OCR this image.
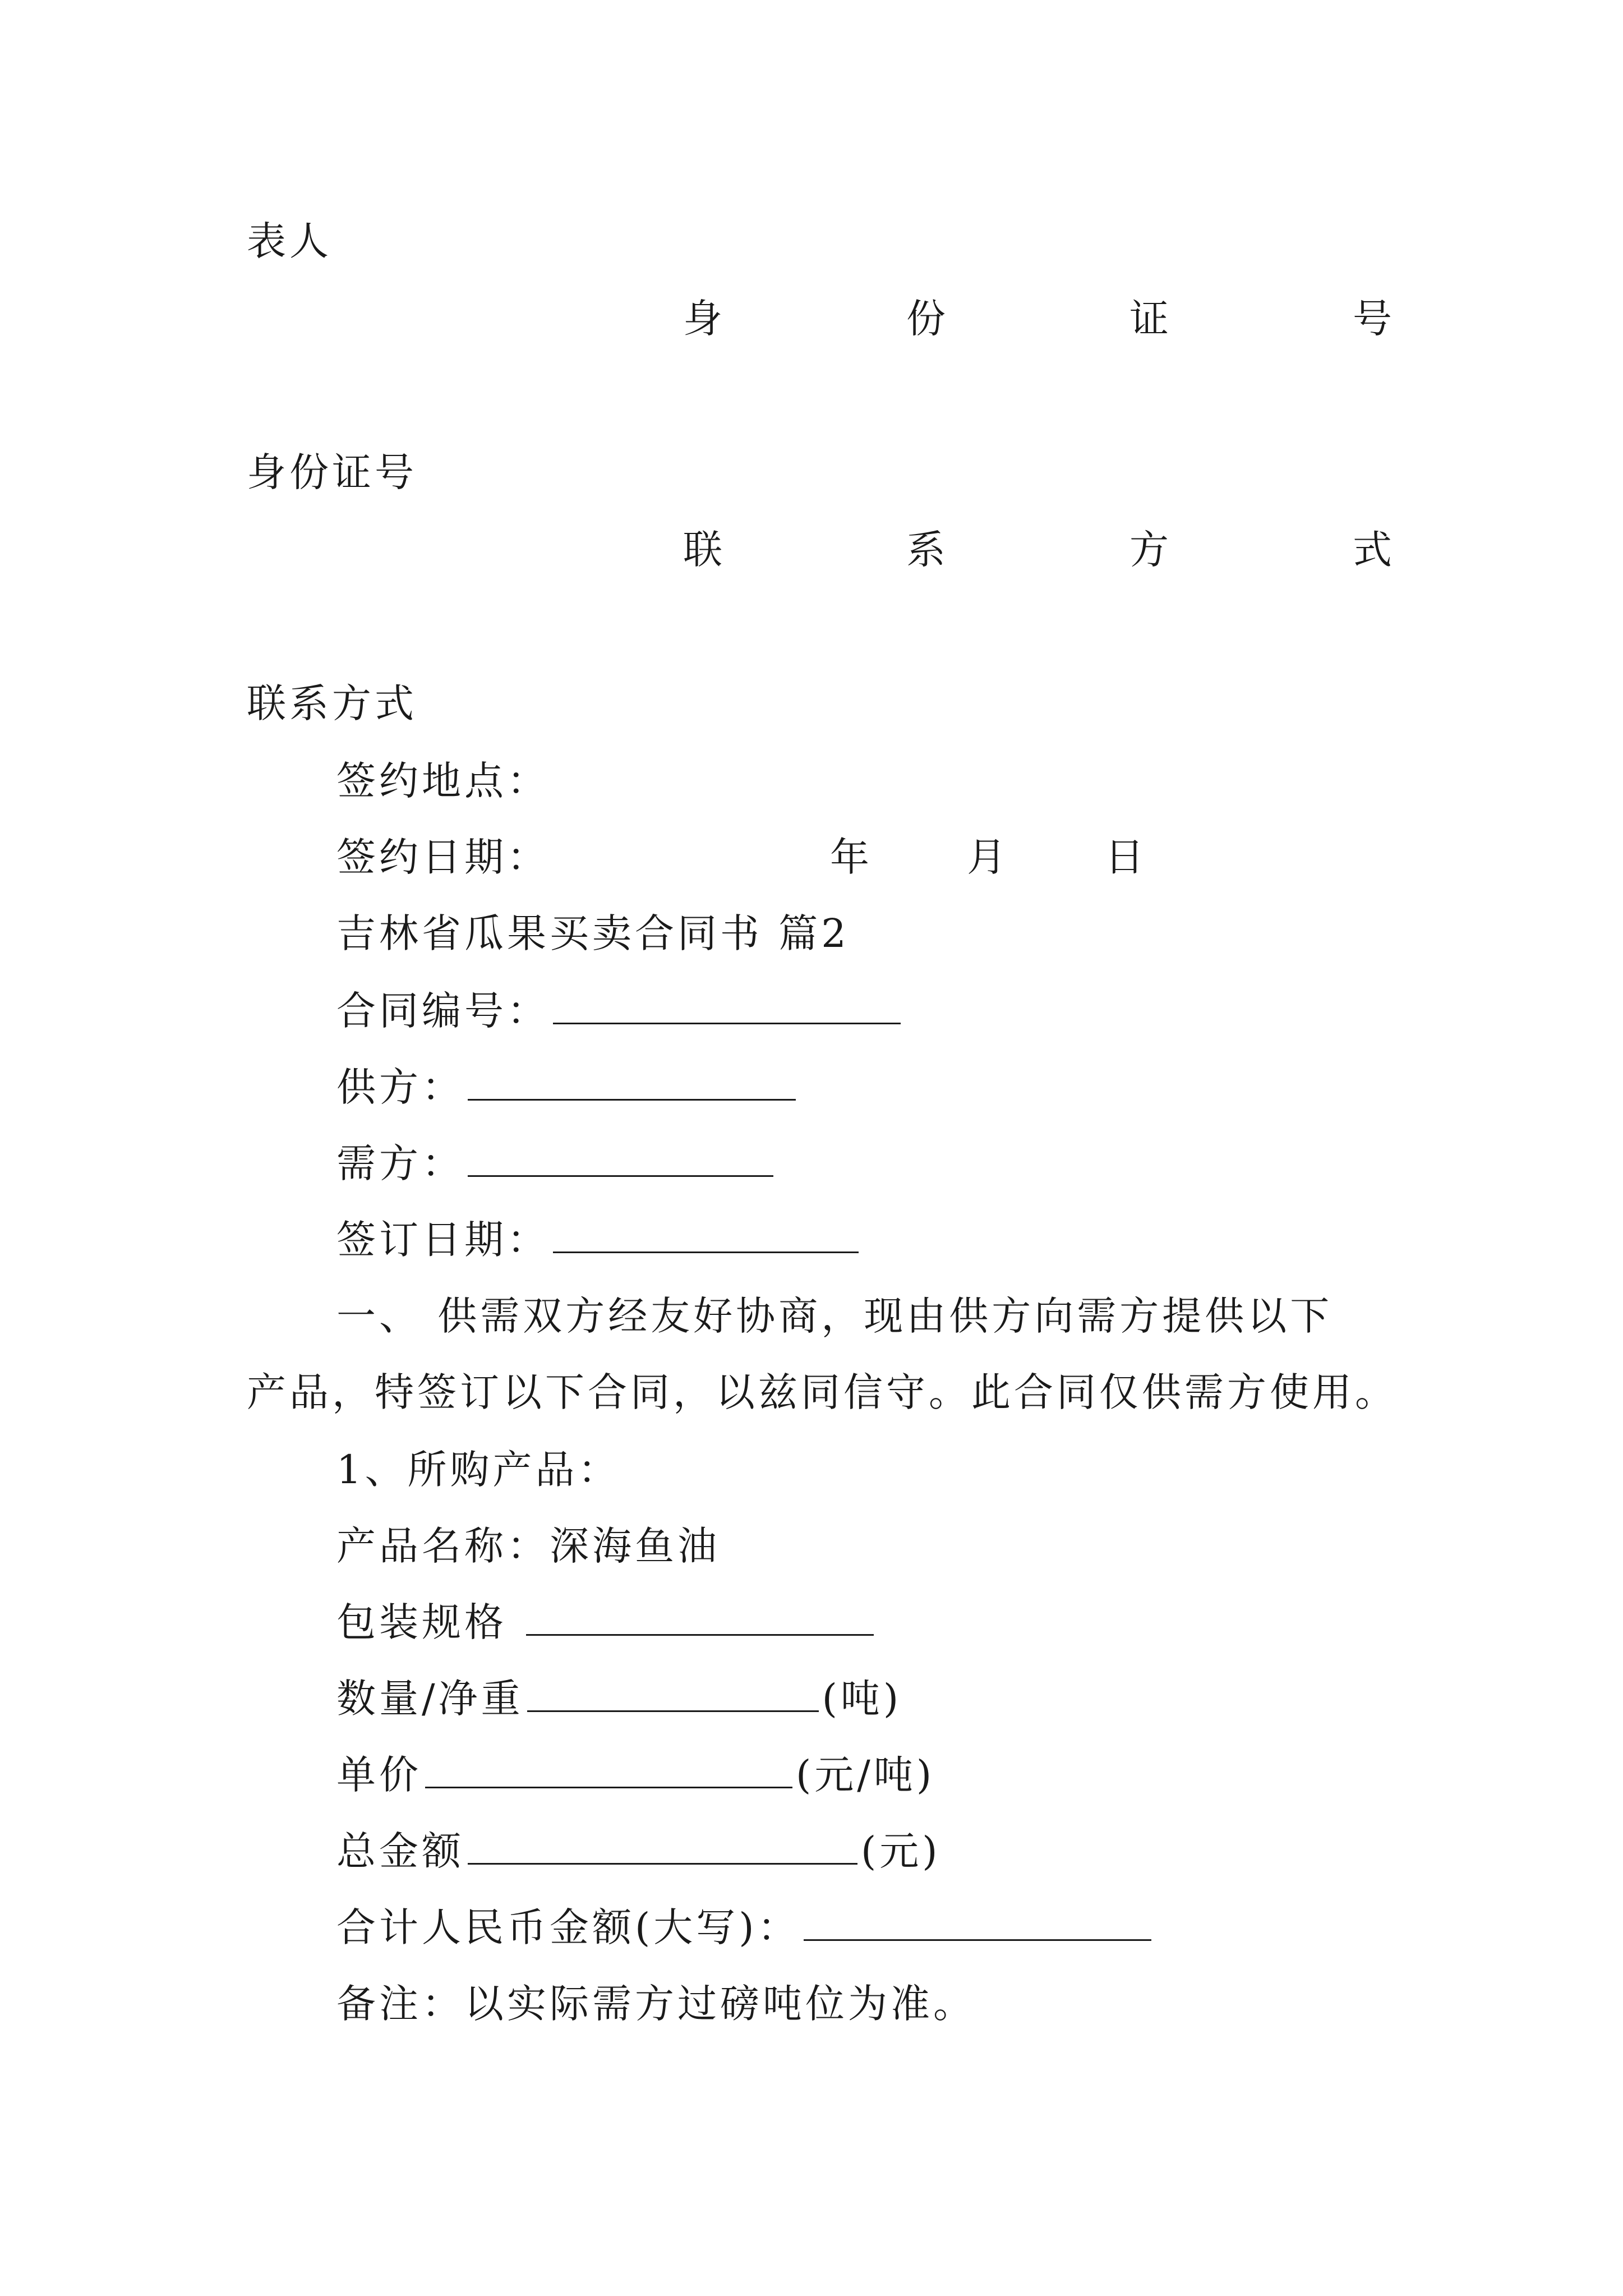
表人
身	份	证	号
身份证号
联	系	方	式
联系方式
签约地点：
签约日期：	年 月 日
吉林省瓜果买卖合同书 篇2
合同编号：
供方：
需方：
签订日期：
一、 供需双方经友好协商，现由供方向需方提供以下
产品，特签订以下合同，以兹同信守。此合同仅供需方使用。
1、所购产品：
产品名称：深海鱼油
包装规格
数量/净重	(吨)
单价	(元/吨)
总金额	(元)
合计人民币金额(大写)：
备注：以实际需方过磅吨位为准。
